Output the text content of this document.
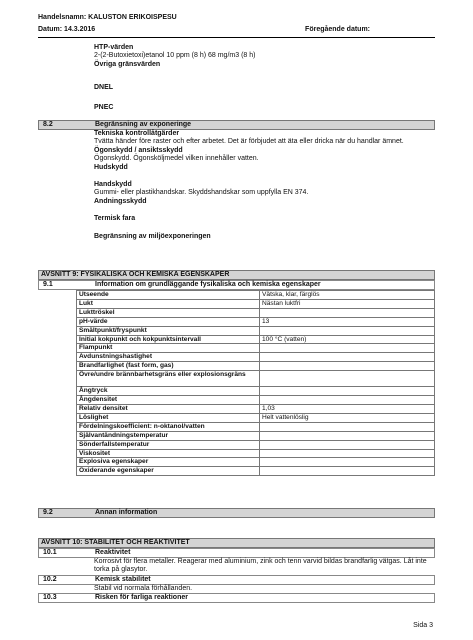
Handelsnamn: KALUSTON ERIKOISPESU
Datum: 14.3.2016	Föregående datum:
HTP-värden
2-(2-Butoxietoxi)etanol 10 ppm (8 h) 68 mg/m3 (8 h)
Övriga gränsvärden
DNEL
PNEC
8.2	Begränsning av exponeringe
Tekniska kontrollåtgärder
Tvätta händer före raster och efter arbetet. Det är förbjudet att äta eller dricka när du handlar ämnet.
Ögonskydd / ansiktsskydd
Ögonskydd. Ögonsköljmedel vilken innehåller vatten.
Hudskydd
Handskydd
Gummi- eller plastikhandskar. Skyddshandskar som uppfylla EN 374.
Andningsskydd
Termisk fara
Begränsning av miljöexponeringen
AVSNITT 9: FYSIKALISKA OCH KEMISKA EGENSKAPER
9.1	Information om grundläggande fysikaliska och kemiska egenskaper
Utseende	Vätska, klar, färglös
Lukt	Nästan luktfri
Lukttröskel	
pH-värde	13
Smältpunkt/fryspunkt	
Initial kokpunkt och kokpunktsintervall	100 °C (vatten)
Flampunkt	
Avdunstningshastighet	
Brandfarlighet (fast form, gas)	
Övre/undre brännbarhetsgräns eller explosionsgräns	
Ångtryck	
Ångdensitet	
Relativ densitet	1,03
Löslighet	Helt vattenlöslig
Fördelningskoefficient: n-oktanol/vatten	
Självantändningstemperatur	
Sönderfallstemperatur	
Viskositet	
Explosiva egenskaper	
Oxiderande egenskaper	
9.2	Annan information
AVSNITT 10: STABILITET OCH REAKTIVITET
10.1	Reaktivitet
Korrosivt för flera metaller. Reagerar med aluminium, zink och tenn varvid bildas brandfarlig vätgas. Låt inte torka på glasytor.
10.2	Kemisk stabilitet
Stabil vid normala förhållanden.
10.3	Risken för farliga reaktioner
Sida 3
